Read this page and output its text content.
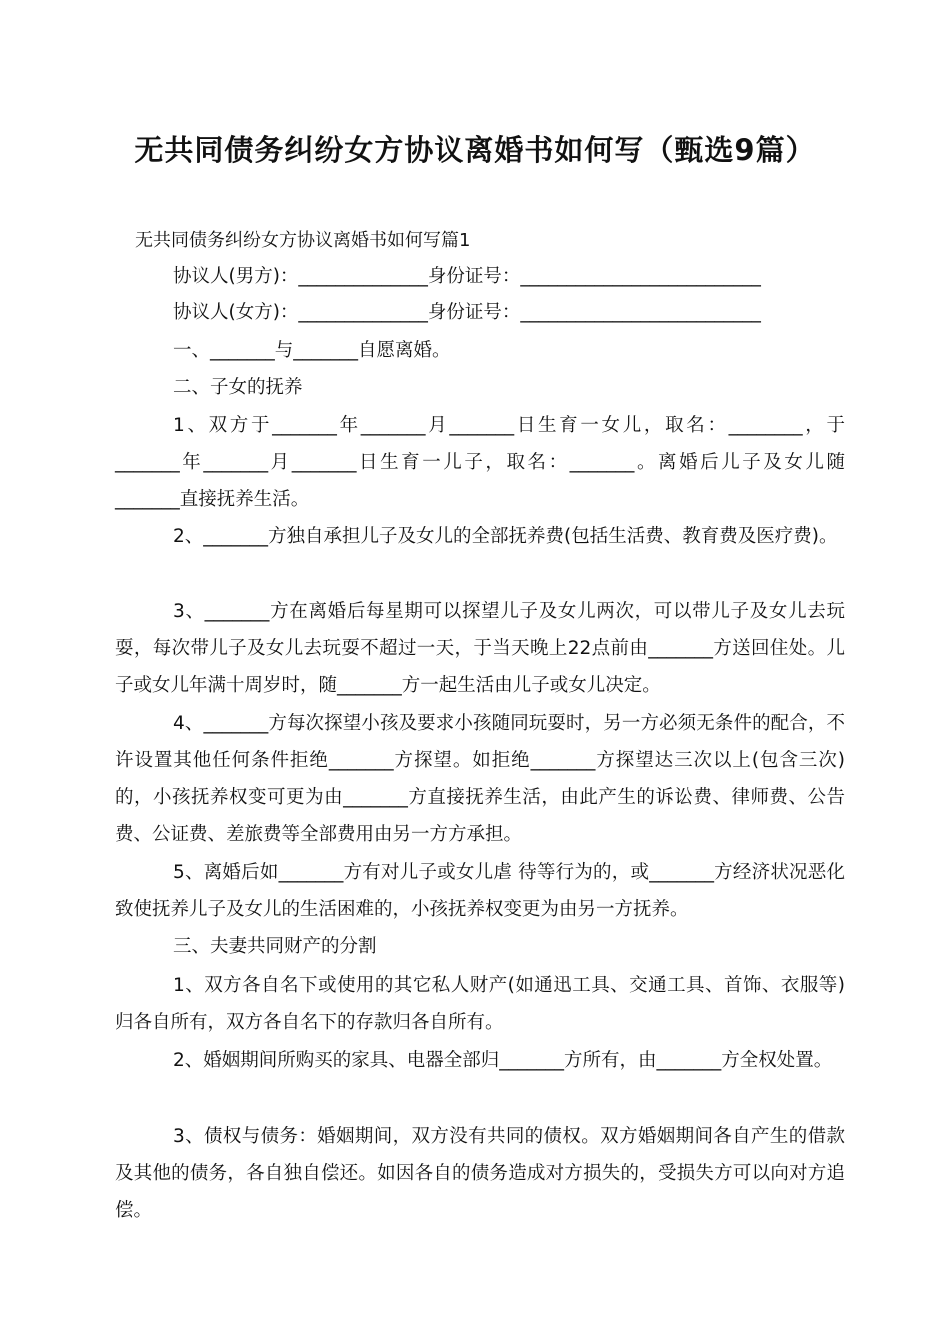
无共同债务纠纷女方协议离婚书如何写（甄选9篇）
无共同债务纠纷女方协议离婚书如何写篇1
协议人(男方)：______________身份证号：__________________________
协议人(女方)：______________身份证号：__________________________
一、_______与_______自愿离婚。
二、子女的抚养
1、双方于_______年_______月_______日生育一女儿，取名：________，于_______年_______月_______日生育一儿子，取名：_______。离婚后儿子及女儿随_______直接抚养生活。
2、_______方独自承担儿子及女儿的全部抚养费(包括生活费、教育费及医疗费)。
3、_______方在离婚后每星期可以探望儿子及女儿两次，可以带儿子及女儿去玩耍，每次带儿子及女儿去玩耍不超过一天，于当天晚上22点前由_______方送回住处。儿子或女儿年满十周岁时，随_______方一起生活由儿子或女儿决定。
4、_______方每次探望小孩及要求小孩随同玩耍时，另一方必须无条件的配合，不许设置其他任何条件拒绝_______方探望。如拒绝_______方探望达三次以上(包含三次)的，小孩抚养权变可更为由_______方直接抚养生活，由此产生的诉讼费、律师费、公告费、公证费、差旅费等全部费用由另一方方承担。
5、离婚后如_______方有对儿子或女儿虐 待等行为的，或_______方经济状况恶化致使抚养儿子及女儿的生活困难的，小孩抚养权变更为由另一方抚养。
三、夫妻共同财产的分割
1、双方各自名下或使用的其它私人财产(如通迅工具、交通工具、首饰、衣服等)归各自所有，双方各自名下的存款归各自所有。
2、婚姻期间所购买的家具、电器全部归_______方所有，由_______方全权处置。
3、债权与债务：婚姻期间，双方没有共同的债权。双方婚姻期间各自产生的借款及其他的债务，各自独自偿还。如因各自的债务造成对方损失的，受损失方可以向对方追偿。
